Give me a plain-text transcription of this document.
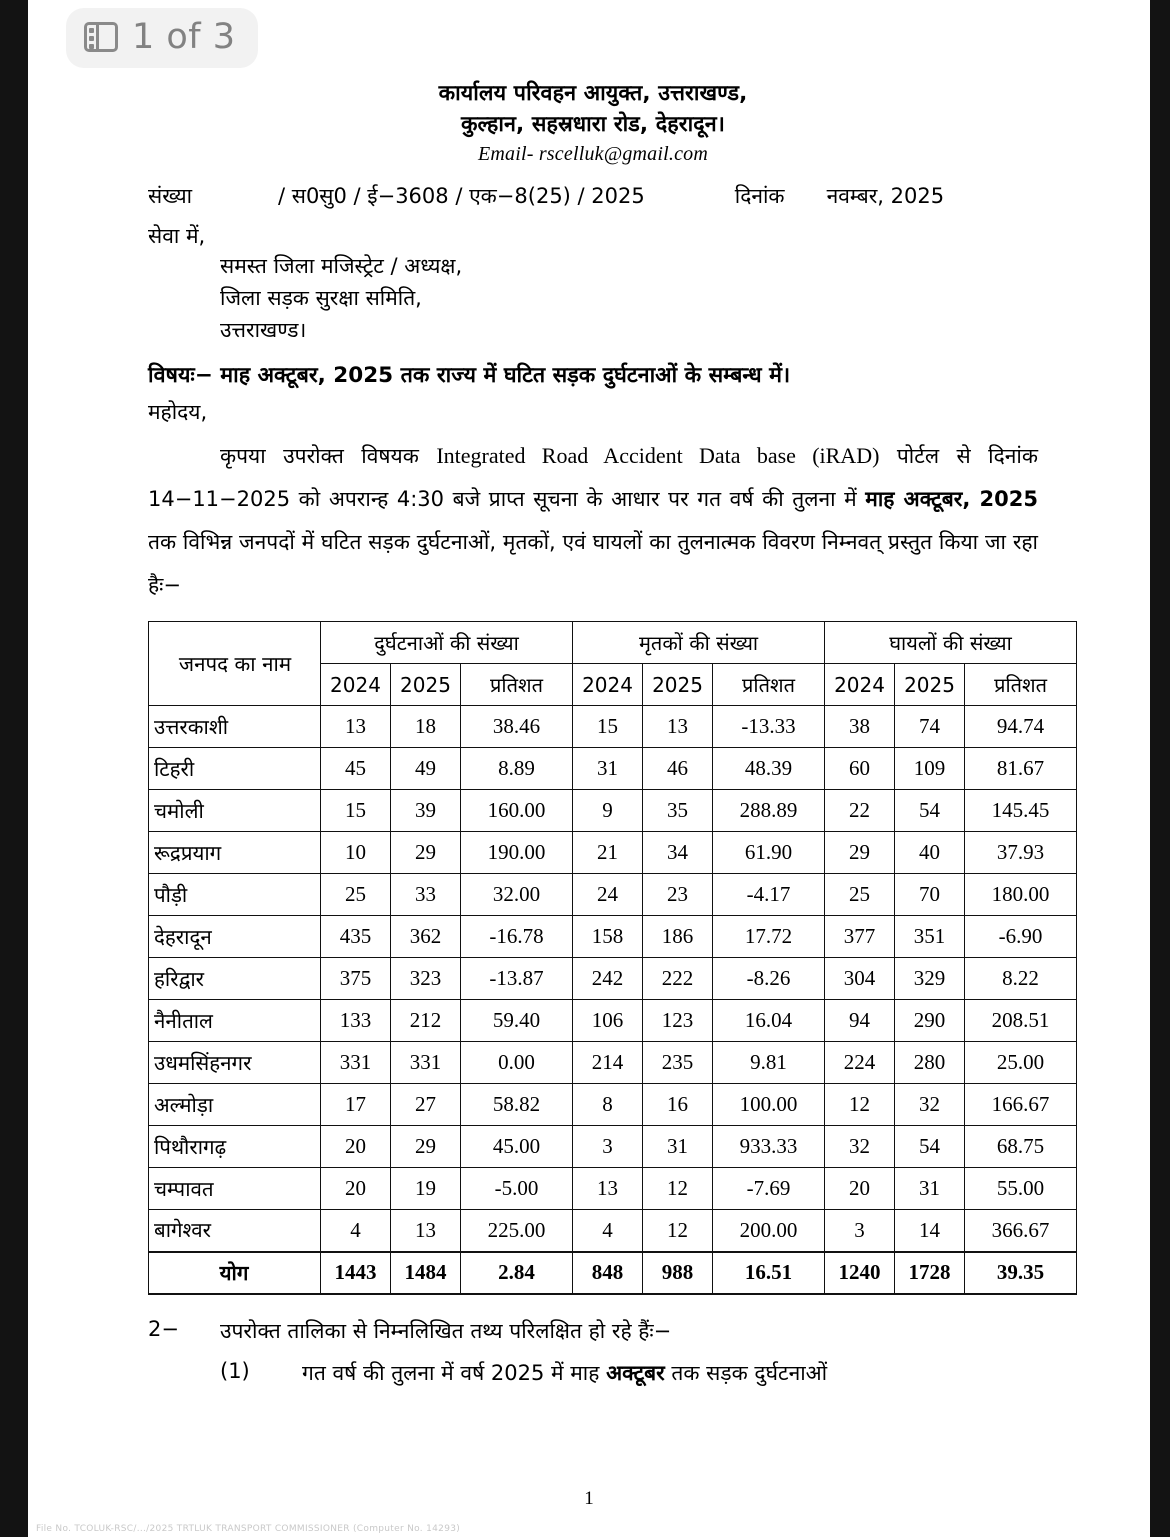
1 of 3
कार्यालय परिवहन आयुक्त, उत्तराखण्ड,
कुल्हान, सहस्रधारा रोड, देहरादून।
Email- rscelluk@gmail.com
संख्या	/ स0सु0 / ई−3608 / एक−8(25) / 2025	दिनांक नवम्बर, 2025
सेवा में,
समस्त जिला मजिस्ट्रेट / अध्यक्ष,
जिला सड़क सुरक्षा समिति,
उत्तराखण्ड।
विषयः− माह अक्टूबर, 2025 तक राज्य में घटित सड़क दुर्घटनाओं के सम्बन्ध में।
महोदय,
कृपया उपरोक्त विषयक Integrated Road Accident Data base (iRAD) पोर्टल से दिनांक 14−11−2025 को अपरान्ह 4:30 बजे प्राप्त सूचना के आधार पर गत वर्ष की तुलना में माह अक्टूबर, 2025 तक विभिन्न जनपदों में घटित सड़क दुर्घटनाओं, मृतकों, एवं घायलों का तुलनात्मक विवरण निम्नवत् प्रस्तुत किया जा रहा हैः−
जनपद का नाम	दुर्घटनाओं की संख्या			मृतकों की संख्या			घायलों की संख्या		
	2024	2025	प्रतिशत	2024	2025	प्रतिशत	2024	2025	प्रतिशत
उत्तरकाशी	13	18	38.46	15	13	-13.33	38	74	94.74
टिहरी	45	49	8.89	31	46	48.39	60	109	81.67
चमोली	15	39	160.00	9	35	288.89	22	54	145.45
रूद्रप्रयाग	10	29	190.00	21	34	61.90	29	40	37.93
पौड़ी	25	33	32.00	24	23	-4.17	25	70	180.00
देहरादून	435	362	-16.78	158	186	17.72	377	351	-6.90
हरिद्वार	375	323	-13.87	242	222	-8.26	304	329	8.22
नैनीताल	133	212	59.40	106	123	16.04	94	290	208.51
उधमसिंहनगर	331	331	0.00	214	235	9.81	224	280	25.00
अल्मोड़ा	17	27	58.82	8	16	100.00	12	32	166.67
पिथौरागढ़	20	29	45.00	3	31	933.33	32	54	68.75
चम्पावत	20	19	-5.00	13	12	-7.69	20	31	55.00
बागेश्वर	4	13	225.00	4	12	200.00	3	14	366.67
योग	1443	1484	2.84	848	988	16.51	1240	1728	39.35
2−	उपरोक्त तालिका से निम्नलिखित तथ्य परिलक्षित हो रहे हैंः−
(1)	गत वर्ष की तुलना में वर्ष 2025 में माह अक्टूबर तक सड़क दुर्घटनाओं
1
File No. TCOLUK-RSC/.../2025 TRTLUK TRANSPORT COMMISSIONER (Computer No. 14293)
